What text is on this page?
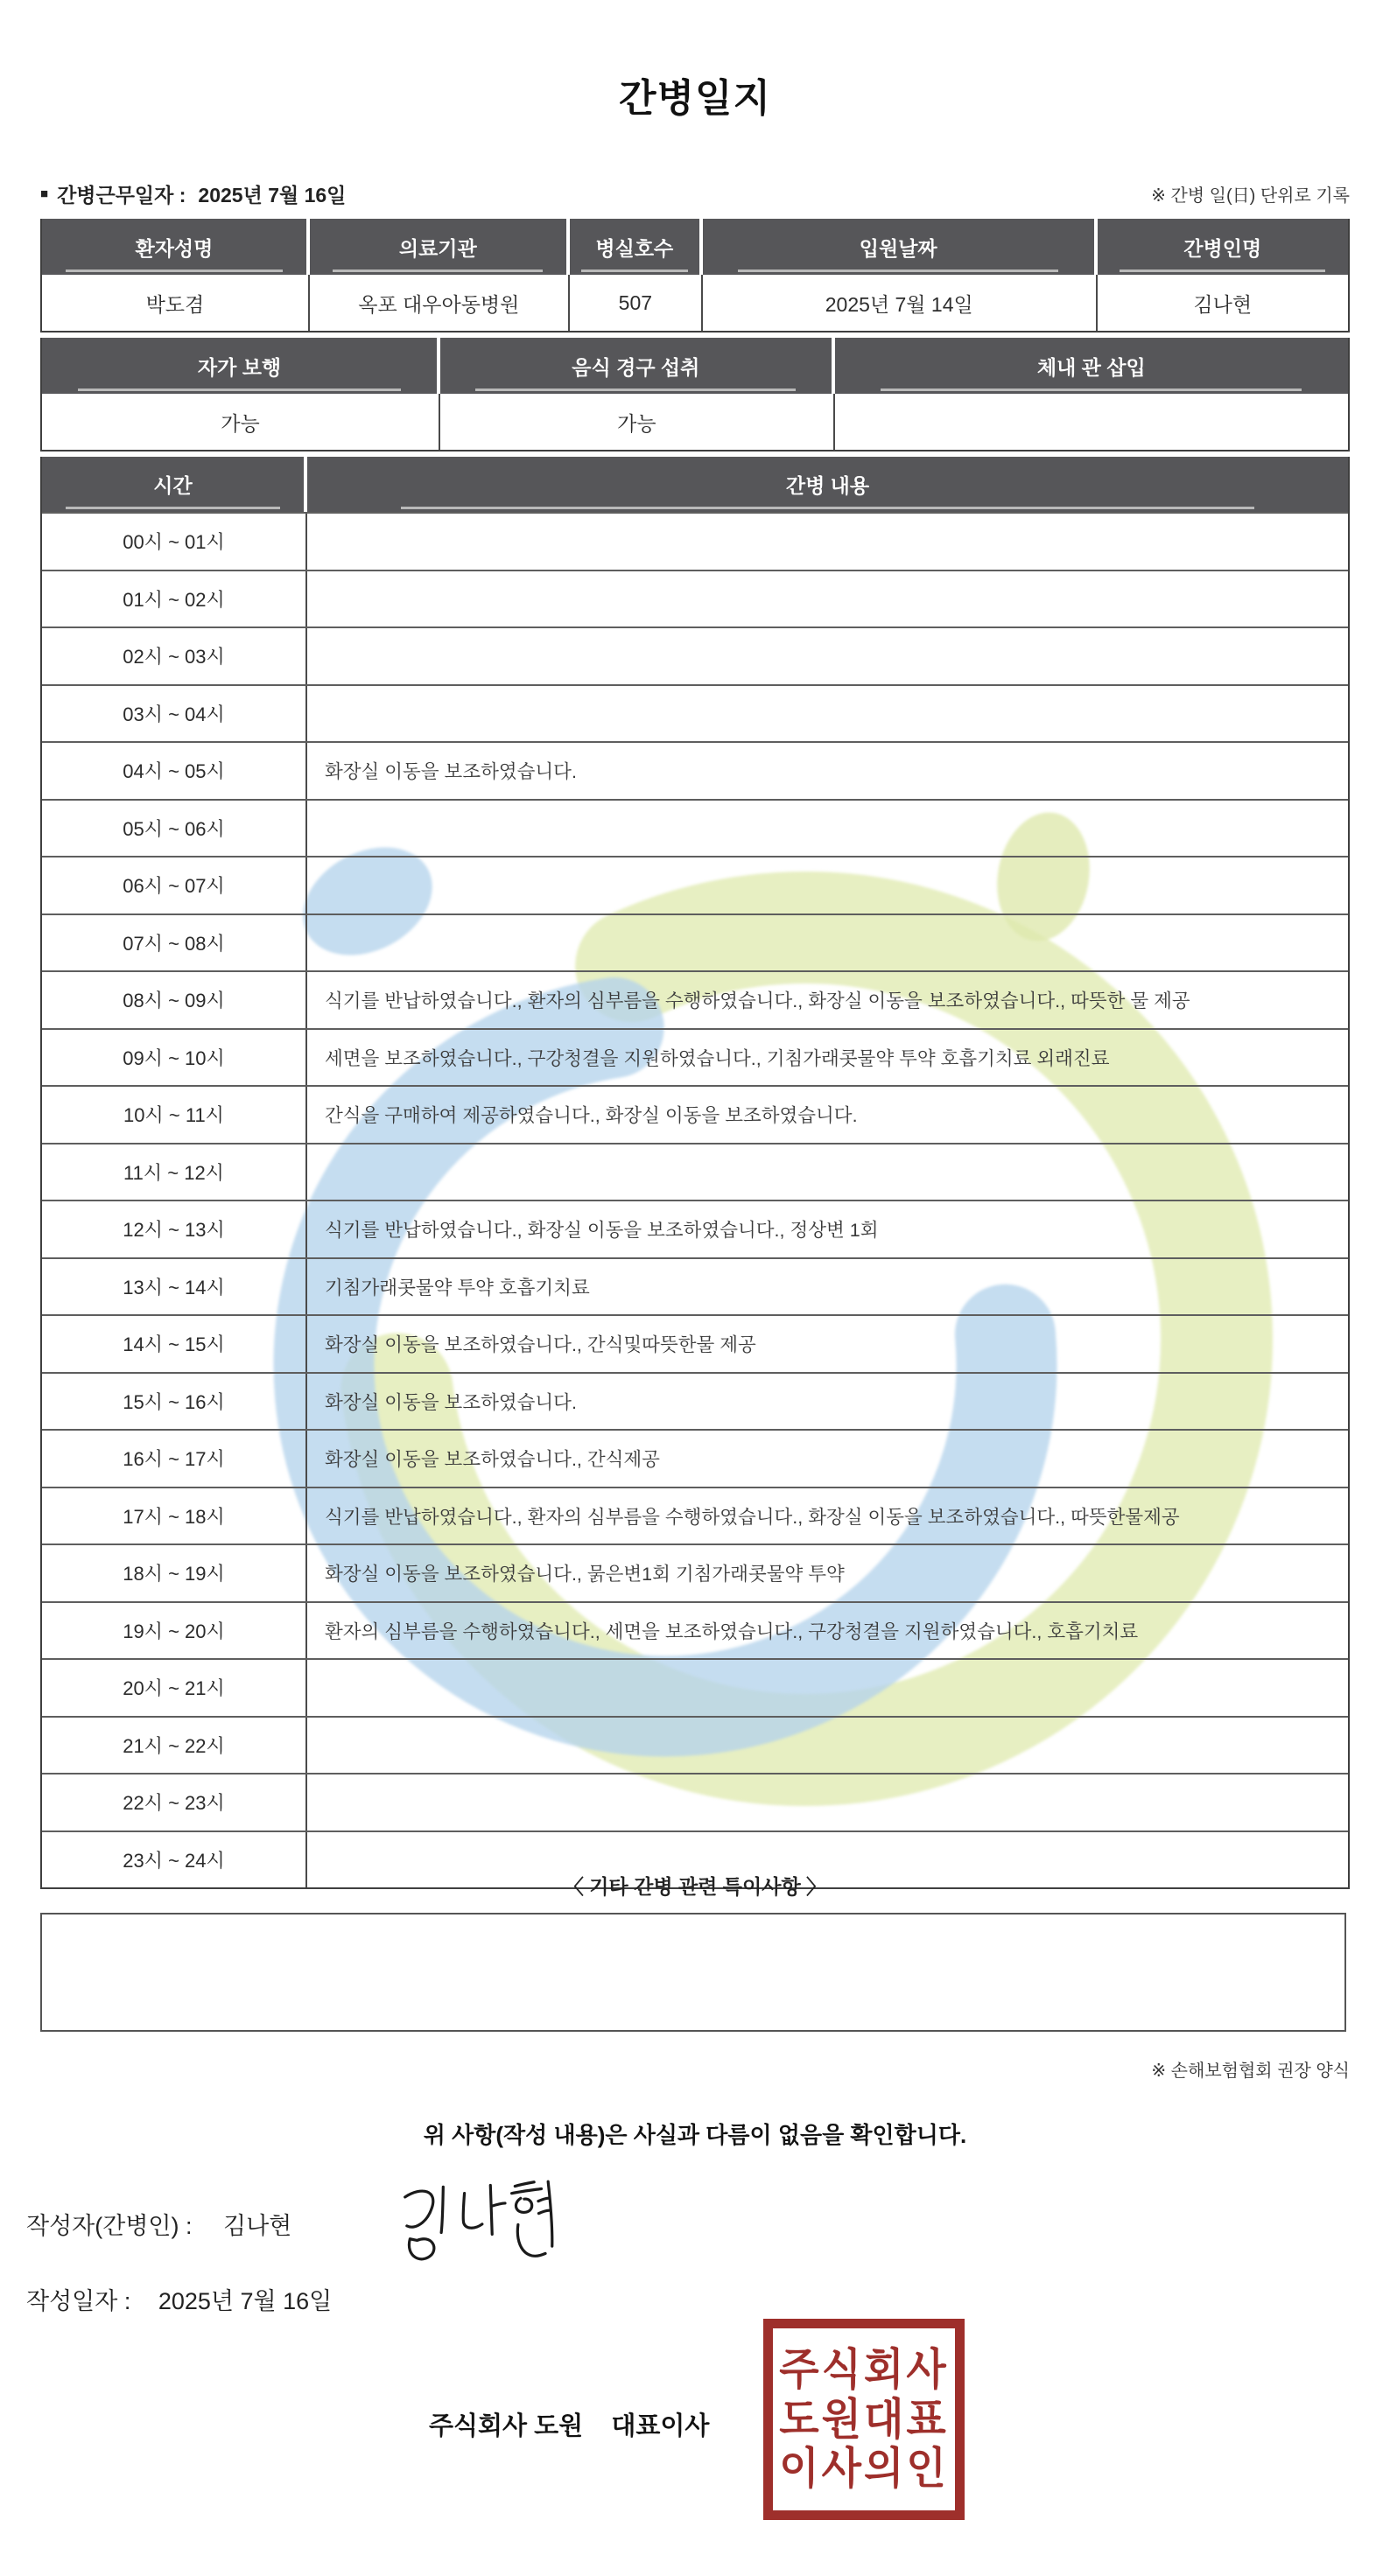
간병일지
■ 간병근무일자 : 2025년 7월 16일	※ 간병 일(日) 단위로 기록
환자성명	의료기관	병실호수	입원날짜	간병인명
박도겸	옥포 대우아동병원	507	2025년 7월 14일	김나현
자가 보행	음식 경구 섭취	체내 관 삽입
가능	가능
시간	간병 내용
00시 ~ 01시
01시 ~ 02시
02시 ~ 03시
03시 ~ 04시
04시 ~ 05시	화장실 이동을 보조하였습니다.
05시 ~ 06시
06시 ~ 07시
07시 ~ 08시
08시 ~ 09시	식기를 반납하였습니다., 환자의 심부름을 수행하였습니다., 화장실 이동을 보조하였습니다., 따뜻한 물 제공
09시 ~ 10시	세면을 보조하였습니다., 구강청결을 지원하였습니다., 기침가래콧물약 투약 호흡기치료 외래진료
10시 ~ 11시	간식을 구매하여 제공하였습니다., 화장실 이동을 보조하였습니다.
11시 ~ 12시
12시 ~ 13시	식기를 반납하였습니다., 화장실 이동을 보조하였습니다., 정상변 1회
13시 ~ 14시	기침가래콧물약 투약 호흡기치료
14시 ~ 15시	화장실 이동을 보조하였습니다., 간식및따뜻한물 제공
15시 ~ 16시	화장실 이동을 보조하였습니다.
16시 ~ 17시	화장실 이동을 보조하였습니다., 간식제공
17시 ~ 18시	식기를 반납하였습니다., 환자의 심부름을 수행하였습니다., 화장실 이동을 보조하였습니다., 따뜻한물제공
18시 ~ 19시	화장실 이동을 보조하였습니다., 묽은변1회 기침가래콧물약 투약
19시 ~ 20시	환자의 심부름을 수행하였습니다., 세면을 보조하였습니다., 구강청결을 지원하였습니다., 호흡기치료
20시 ~ 21시
21시 ~ 22시
22시 ~ 23시
23시 ~ 24시
〈 기타 간병 관련 특이사항 〉
※ 손해보험협회 권장 양식
위 사항(작성 내용)은 사실과 다름이 없음을 확인합니다.
작성자(간병인) : 김나현
작성일자 : 2025년 7월 16일
주식회사 도원    대표이사
주식회사
도원대표
이사의인
